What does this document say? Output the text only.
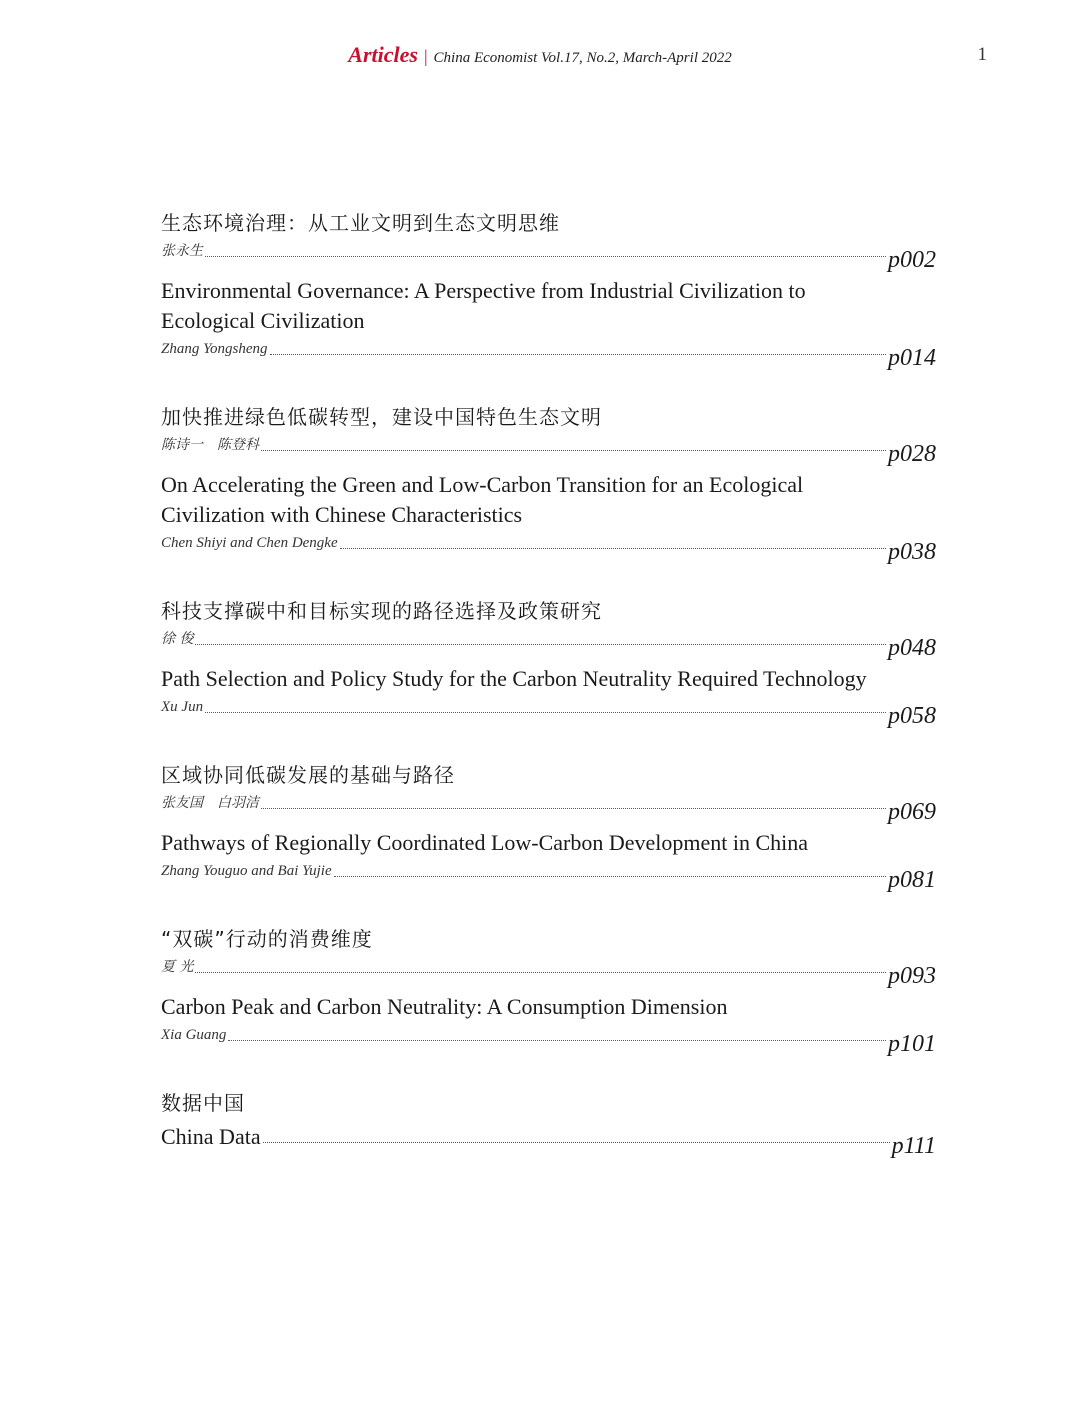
Articles | China Economist Vol.17, No.2, March-April 2022	1
生态环境治理：从工业文明到生态文明思维
张永生	p002
Environmental Governance: A Perspective from Industrial Civilization to Ecological Civilization
Zhang Yongsheng	p014
加快推进绿色低碳转型，建设中国特色生态文明
陈诗一　陈登科	p028
On Accelerating the Green and Low-Carbon Transition for an Ecological Civilization with Chinese Characteristics
Chen Shiyi and Chen Dengke	p038
科技支撑碳中和目标实现的路径选择及政策研究
徐 俊	p048
Path Selection and Policy Study for the Carbon Neutrality Required Technology
Xu Jun	p058
区域协同低碳发展的基础与路径
张友国　白羽洁	p069
Pathways of Regionally Coordinated Low-Carbon Development in China
Zhang Youguo and Bai Yujie	p081
“双碳”行动的消费维度
夏 光	p093
Carbon Peak and Carbon Neutrality: A Consumption Dimension
Xia Guang	p101
数据中国
China Data	p111
